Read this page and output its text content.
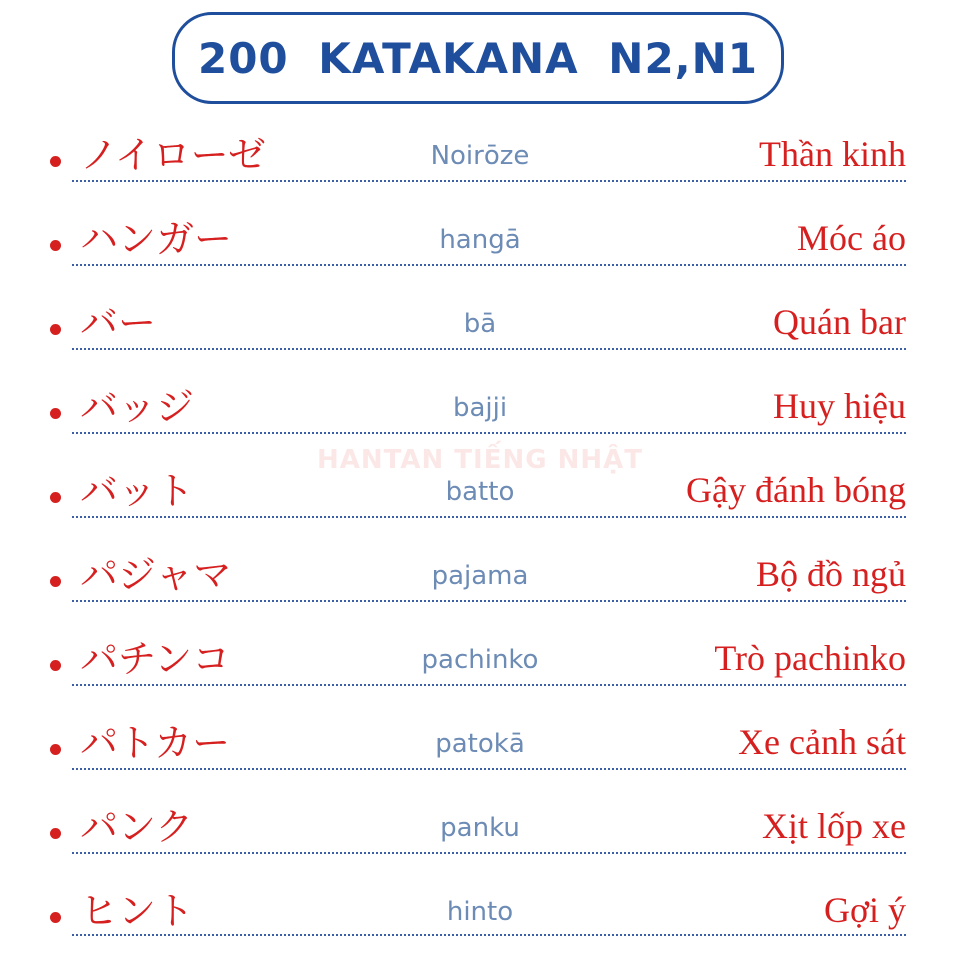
200 KATAKANA N2,N1
HANTAN TIẾNG NHẬT
ノイローゼ	Noirōze	Thần kinh
ハンガー	hangā	Móc áo
バー	bā	Quán bar
バッジ	bajji	Huy hiệu
バット	batto	Gậy đánh bóng
パジャマ	pajama	Bộ đồ ngủ
パチンコ	pachinko	Trò pachinko
パトカー	patokā	Xe cảnh sát
パンク	panku	Xịt lốp xe
ヒント	hinto	Gợi ý
